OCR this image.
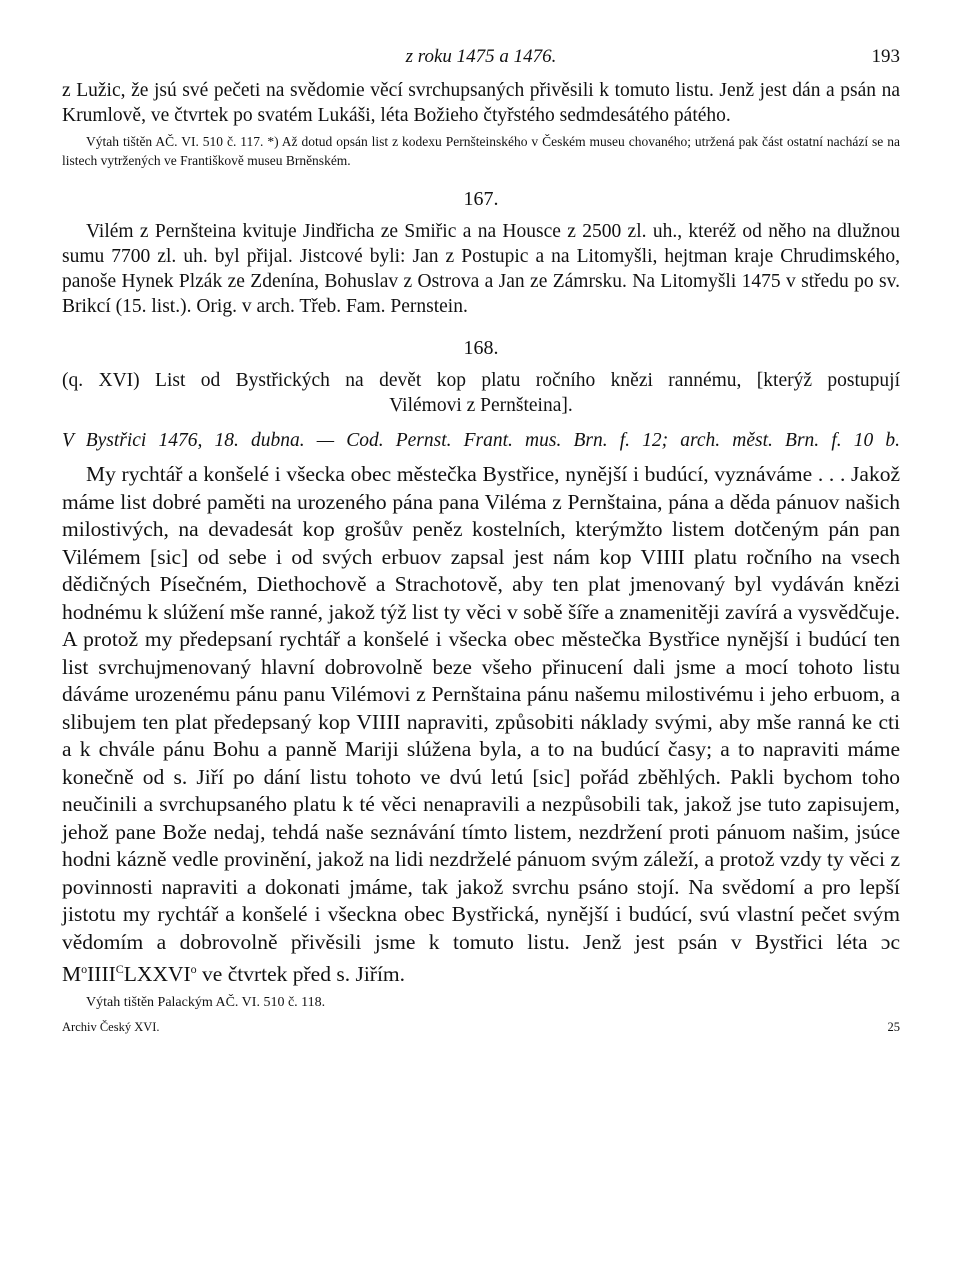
z roku 1475 a 1476.	193

z Lužic, že jsú své pečeti na svědomie věcí svrchupsaných přivěsili k tomuto listu. Jenž jest dán a psán na Krumlově, ve čtvrtek po svatém Lukáši, léta Božieho čtyřstého sedmdesátého pátého.

Výtah tištěn AČ. VI. 510 č. 117. *) Až dotud opsán list z kodexu Pernšteinského v Českém museu chovaného; utržená pak část ostatní nachází se na listech vytržených ve Františkově museu Brněnském.

167.

Vilém z Pernšteina kvituje Jindřicha ze Smiřic a na Housce z 2500 zl. uh., kteréž od něho na dlužnou sumu 7700 zl. uh. byl přijal. Jistcové byli: Jan z Postupic a na Litomyšli, hejtman kraje Chrudimského, panoše Hynek Plzák ze Zdenína, Bohuslav z Ostrova a Jan ze Zámrsku. Na Litomyšli 1475 v středu po sv. Brikcí (15. list.). Orig. v arch. Třeb. Fam. Pernstein.

168.
(q. XVI) List od Bystřických na devět kop platu ročního knězi rannému, [kterýž postupují
Vilémovi z Pernšteina].
V Bystřici 1476, 18. dubna. — Cod. Pernst. Frant. mus. Brn. f. 12; arch. měst. Brn. f. 10 b.

My rychtář a konšelé i všecka obec městečka Bystřice, nynější i budúcí, vyznáváme . . . Jakož máme list dobré paměti na urozeného pána pana Viléma z Pernštaina, pána a děda pánuov našich milostivých, na devadesát kop grošův peněz kostelních, kterýmžto listem dotčeným pán pan Vilémem [sic] od sebe i od svých erbuov zapsal jest nám kop VIIII platu ročního na vsech dědičných Písečném, Diethochově a Strachotově, aby ten plat jmenovaný byl vydáván knězi hodnému k slúžení mše ranné, jakož týž list ty věci v sobě šíře a znamenitěji zavírá a vysvědčuje. A protož my předepsaní rychtář a konšelé i všecka obec městečka Bystřice nynější i budúcí ten list svrchujmenovaný hlavní dobrovolně beze všeho přinucení dali jsme a mocí tohoto listu dáváme urozenému pánu panu Vilémovi z Pernštaina pánu našemu milostivému i jeho erbuom, a slibujem ten plat předepsaný kop VIIII napraviti, způsobiti náklady svými, aby mše ranná ke cti a k chvále pánu Bohu a panně Mariji slúžena byla, a to na budúcí časy; a to napraviti máme konečně od s. Jiří po dání listu tohoto ve dvú letú [sic] pořád zběhlých. Pakli bychom toho neučinili a svrchupsaného platu k té věci nenapravili a nezpůsobili tak, jakož jse tuto zapisujem, jehož pane Bože nedaj, tehdá naše seznávání tímto listem, nezdržení proti pánuom našim, jsúce hodni kázně vedle provinění, jakož na lidi nezdrželé pánuom svým záleží, a protož vzdy ty věci z povinnosti napraviti a dokonati jmáme, tak jakož svrchu psáno stojí. Na svědomí a pro lepší jistotu my rychtář a konšelé i všeckna obec Bystřická, nynější i budúcí, svú vlastní pečet svým vědomím a dobrovolně přivěsili jsme k tomuto listu. Jenž jest psán v Bystřici léta ɔc $M^oIIII^CLXXVI^o$ ve čtvrtek před s. Jiřím.

Výtah tištěn Palackým AČ. VI. 510 č. 118.

Archiv Český XVI.	25
